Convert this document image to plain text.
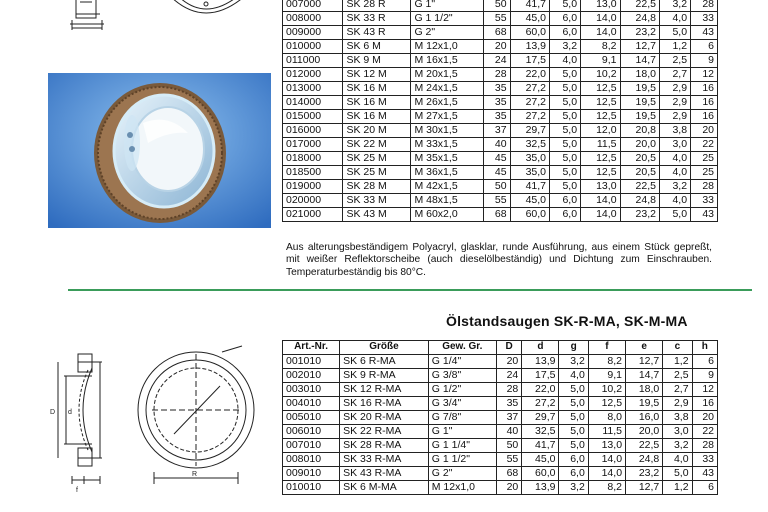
007000	SK 28 R	G 1"	50	41,7	5,0	13,0	22,5	3,2	28
008000	SK 33 R	G 1 1/2"	55	45,0	6,0	14,0	24,8	4,0	33
009000	SK 43 R	G 2"	68	60,0	6,0	14,0	23,2	5,0	43
010000	SK 6 M	M 12x1,0	20	13,9	3,2	8,2	12,7	1,2	6
011000	SK 9 M	M 16x1,5	24	17,5	4,0	9,1	14,7	2,5	9
012000	SK 12 M	M 20x1,5	28	22,0	5,0	10,2	18,0	2,7	12
013000	SK 16 M	M 24x1,5	35	27,2	5,0	12,5	19,5	2,9	16
014000	SK 16 M	M 26x1,5	35	27,2	5,0	12,5	19,5	2,9	16
015000	SK 16 M	M 27x1,5	35	27,2	5,0	12,5	19,5	2,9	16
016000	SK 20 M	M 30x1,5	37	29,7	5,0	12,0	20,8	3,8	20
017000	SK 22 M	M 33x1,5	40	32,5	5,0	11,5	20,0	3,0	22
018000	SK 25 M	M 35x1,5	45	35,0	5,0	12,5	20,5	4,0	25
018500	SK 25 M	M 36x1,5	45	35,0	5,0	12,5	20,5	4,0	25
019000	SK 28 M	M 42x1,5	50	41,7	5,0	13,0	22,5	3,2	28
020000	SK 33 M	M 48x1,5	55	45,0	6,0	14,0	24,8	4,0	33
021000	SK 43 M	M 60x2,0	68	60,0	6,0	14,0	23,2	5,0	43
Aus alterungsbeständigem Polyacryl, glasklar, runde Ausführung, aus einem Stück gepreßt, mit weißer Reflektorscheibe (auch dieselölbeständig) und Dichtung zum Einschrauben. Temperaturbeständig bis 80°C.
Ölstandsaugen SK-R-MA, SK-M-MA
D d
f
R
Art.-Nr.	Größe	Gew. Gr.	D	d	g	f	e	c	h
001010	SK 6 R-MA	G 1/4"	20	13,9	3,2	8,2	12,7	1,2	6
002010	SK 9 R-MA	G 3/8"	24	17,5	4,0	9,1	14,7	2,5	9
003010	SK 12 R-MA	G 1/2"	28	22,0	5,0	10,2	18,0	2,7	12
004010	SK 16 R-MA	G 3/4"	35	27,2	5,0	12,5	19,5	2,9	16
005010	SK 20 R-MA	G 7/8"	37	29,7	5,0	8,0	16,0	3,8	20
006010	SK 22 R-MA	G 1"	40	32,5	5,0	11,5	20,0	3,0	22
007010	SK 28 R-MA	G 1 1/4"	50	41,7	5,0	13,0	22,5	3,2	28
008010	SK 33 R-MA	G 1 1/2"	55	45,0	6,0	14,0	24,8	4,0	33
009010	SK 43 R-MA	G 2"	68	60,0	6,0	14,0	23,2	5,0	43
010010	SK 6 M-MA	M 12x1,0	20	13,9	3,2	8,2	12,7	1,2	6
